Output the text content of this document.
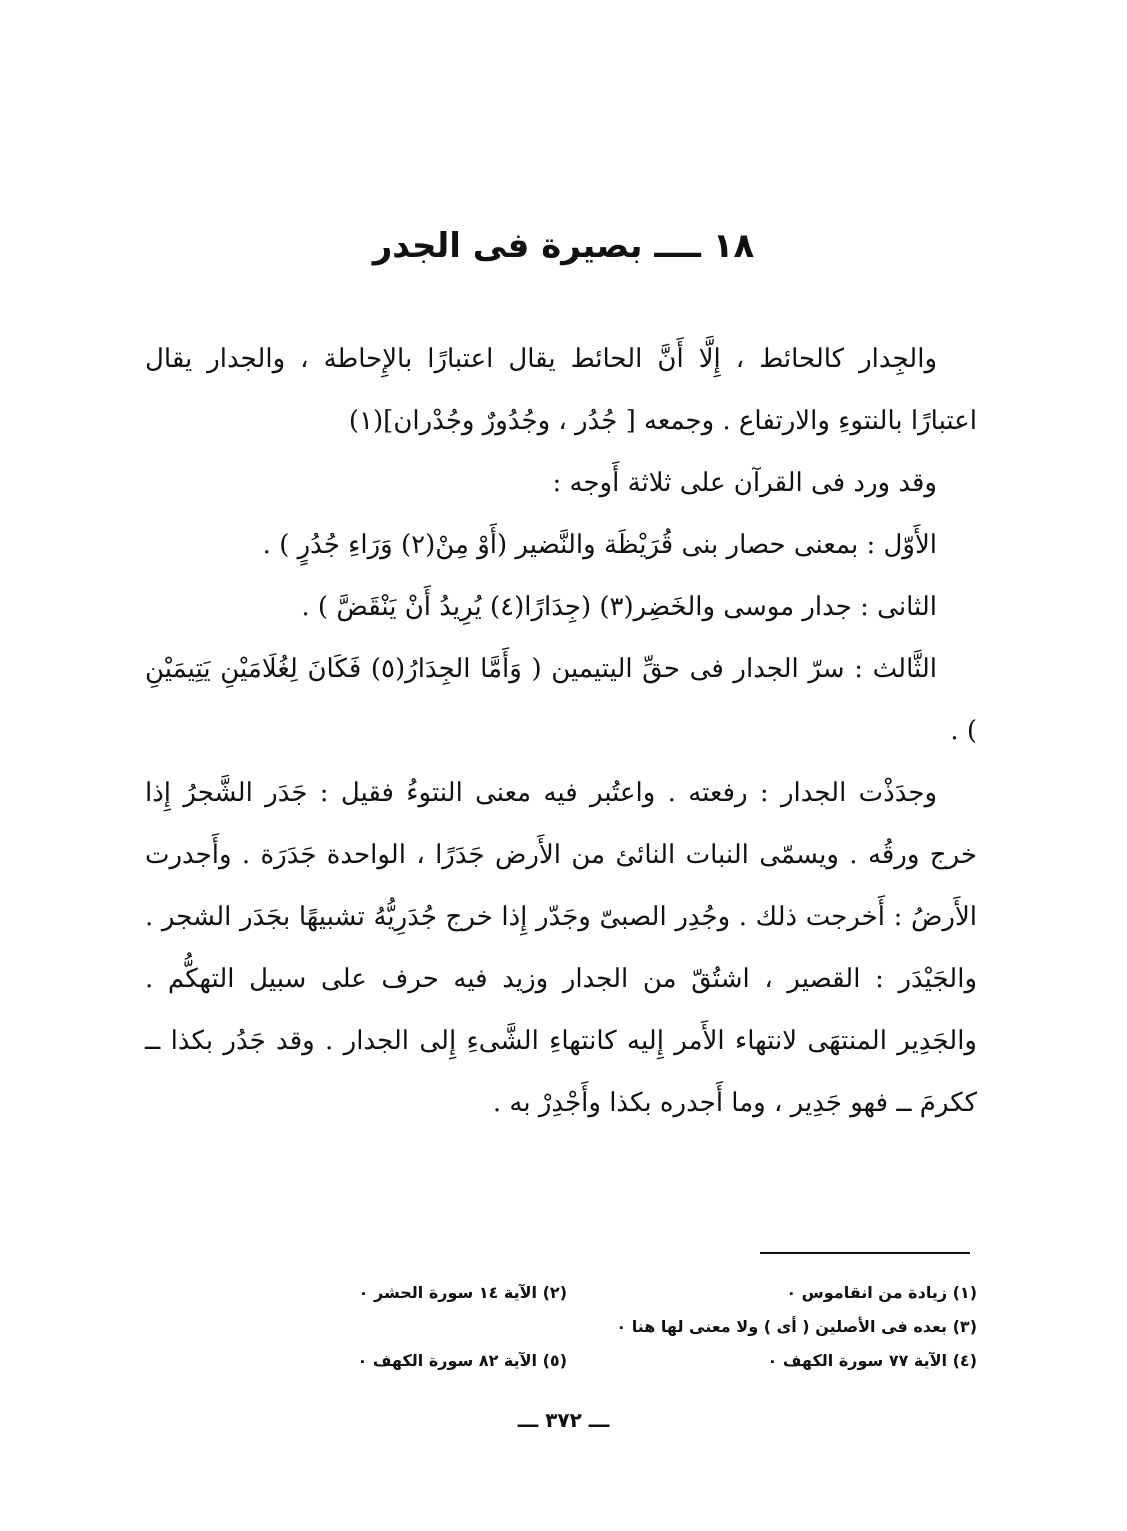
١٨ ــــ بصيرة فى الجدر

والجِدار كالحائط ، إِلَّا أَنَّ الحائط يقال اعتبارًا بالإِحاطة ، والجدار يقال اعتبارًا بالنتوءِ والارتفاع . وجمعه [ جُدُر ، وجُدُورٌ وجُدْران](١)

وقد ورد فى القرآن على ثلاثة أَوجه :

الأَوّل : بمعنى حصار بنى قُرَيْظَة والنَّضير (أَوْ مِنْ(٢) وَرَاءِ جُدُرٍ ) .

الثانى : جدار موسى والخَضِر(٣) (جِدَارًا(٤) يُرِيدُ أَنْ يَنْقَضَّ ) .

الثَّالث : سرّ الجدار فى حقِّ اليتيمين ( وَأَمَّا الجِدَارُ(٥) فَكَانَ لِغُلَامَيْنِ يَتِيمَيْنِ ) .

وجدَذْت الجدار : رفعته . واعتُبر فيه معنى النتوءُ فقيل : جَدَر الشَّجرُ إِذا خرج ورقُه . ويسمّى النبات النائئ من الأَرض جَدَرًا ، الواحدة جَدَرَة . وأَجدرت الأَرضُ : أَخرجت ذلك . وجُدِر الصبىّ وجَدّر إِذا خرج جُدَرِيُّهُ تشبيهًا بجَدَر الشجر . والجَيْدَر : القصير ، اشتُقّ من الجدار وزيد فيه حرف على سبيل التهكُّم . والجَدِير المنتهَى لانتهاء الأَمر إِليه كانتهاءِ الشَّىءِ إِلى الجدار . وقد جَدُر بكذا ــ ككرمَ ــ فهو جَدِير ، وما أَجدره بكذا وأَجْدِرْ به .

(١) زيادة من انقاموس ٠
(٢) الآية ١٤ سورة الحشر ٠
(٣) بعده فى الأصلين ( أى ) ولا معنى لها هنا ٠
(٤) الآية ٧٧ سورة الكهف ٠
(٥) الآية ٨٢ سورة الكهف ٠
ـــ ٣٧٢ ـــ
